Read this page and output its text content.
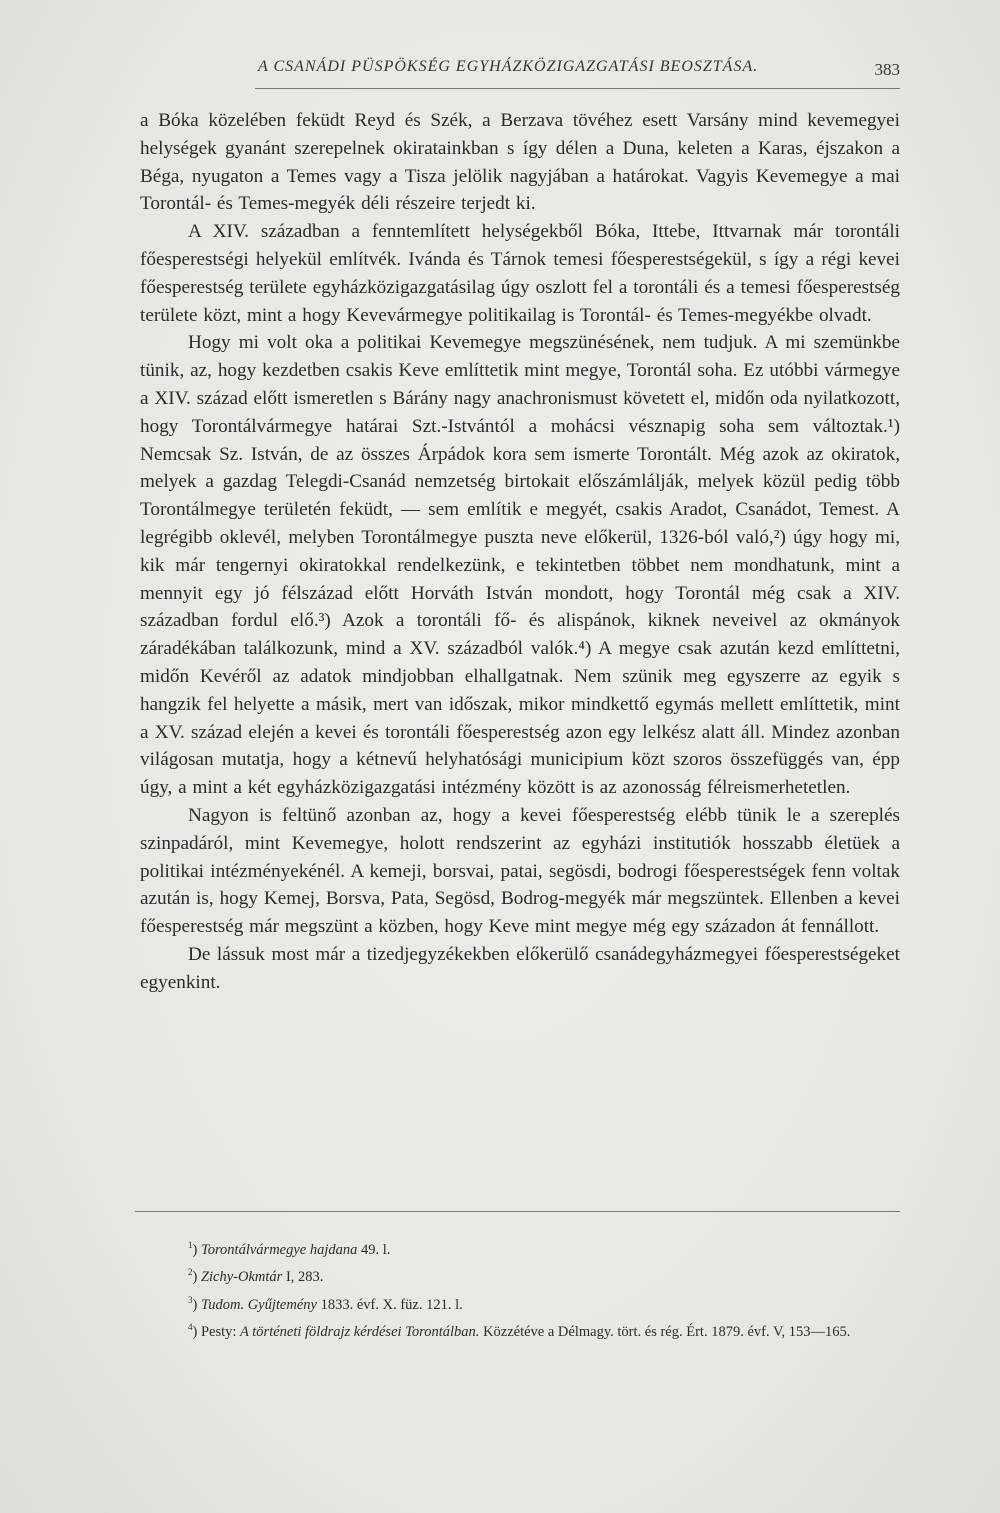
A CSANÁDI PÜSPÖKSÉG EGYHÁZKÖZIGAZGATÁSI BEOSZTÁSA.	383

a Bóka közelében feküdt Reyd és Szék, a Berzava tövéhez esett Varsány mind kevemegyei helységek gyanánt szerepelnek okiratainkban s így délen a Duna, keleten a Karas, éjszakon a Béga, nyugaton a Temes vagy a Tisza jelölik nagyjában a határokat. Vagyis Kevemegye a mai Torontál- és Temes-megyék déli részeire terjedt ki.

A XIV. században a fenntemlített helységekből Bóka, Ittebe, Ittvarnak már torontáli főesperestségi helyekül említvék. Ivánda és Tárnok temesi főesperestségekül, s így a régi kevei főesperestség területe egyházközigazgatásilag úgy oszlott fel a torontáli és a temesi főesperestség területe közt, mint a hogy Kevevármegye politikailag is Torontál- és Temes-megyékbe olvadt.

Hogy mi volt oka a politikai Kevemegye megszünésének, nem tudjuk. A mi szemünkbe tünik, az, hogy kezdetben csakis Keve említtetik mint megye, Torontál soha. Ez utóbbi vármegye a XIV. század előtt ismeretlen s Bárány nagy anachronismust követett el, midőn oda nyilatkozott, hogy Torontálvármegye határai Szt.-Istvántól a mohácsi vésznapig soha sem változtak.¹) Nemcsak Sz. István, de az összes Árpádok kora sem ismerte Torontált. Még azok az okiratok, melyek a gazdag Telegdi-Csanád nemzetség birtokait előszámlálják, melyek közül pedig több Torontálmegye területén feküdt, — sem említik e megyét, csakis Aradot, Csanádot, Temest. A legrégibb oklevél, melyben Torontálmegye puszta neve előkerül, 1326-ból való,²) úgy hogy mi, kik már tengernyi okiratokkal rendelkezünk, e tekintetben többet nem mondhatunk, mint a mennyit egy jó félszázad előtt Horváth István mondott, hogy Torontál még csak a XIV. században fordul elő.³) Azok a torontáli fő- és alispánok, kiknek neveivel az okmányok záradékában találkozunk, mind a XV. századból valók.⁴) A megye csak azután kezd említtetni, midőn Kevéről az adatok mindjobban elhallgatnak. Nem szünik meg egyszerre az egyik s hangzik fel helyette a másik, mert van időszak, mikor mindkettő egymás mellett említtetik, mint a XV. század elején a kevei és torontáli főesperestség azon egy lelkész alatt áll. Mindez azonban világosan mutatja, hogy a kétnevű helyhatósági municipium közt szoros összefüggés van, épp úgy, a mint a két egyházközigazgatási intézmény között is az azonosság félreismerhetetlen.

Nagyon is feltünő azonban az, hogy a kevei főesperestség elébb tünik le a szereplés szinpadáról, mint Kevemegye, holott rendszerint az egyházi institutiók hosszabb életüek a politikai intézményekénél. A kemeji, borsvai, patai, segösdi, bodrogi főesperestségek fenn voltak azután is, hogy Kemej, Borsva, Pata, Segösd, Bodrog-megyék már megszüntek. Ellenben a kevei főesperestség már megszünt a közben, hogy Keve mint megye még egy századon át fennállott.

De lássuk most már a tizedjegyzékekben előkerülő csanádegyházmegyei főesperestségeket egyenkint.

$^1$) Torontálvármegye hajdana 49. l.

$^2$) Zichy-Okmtár I, 283.

$^3$) Tudom. Gyűjtemény 1833. évf. X. füz. 121. l.

$^4$) Pesty: A történeti földrajz kérdései Torontálban. Közzétéve a Délmagy. tört. és rég. Ért. 1879. évf. V, 153—165.
